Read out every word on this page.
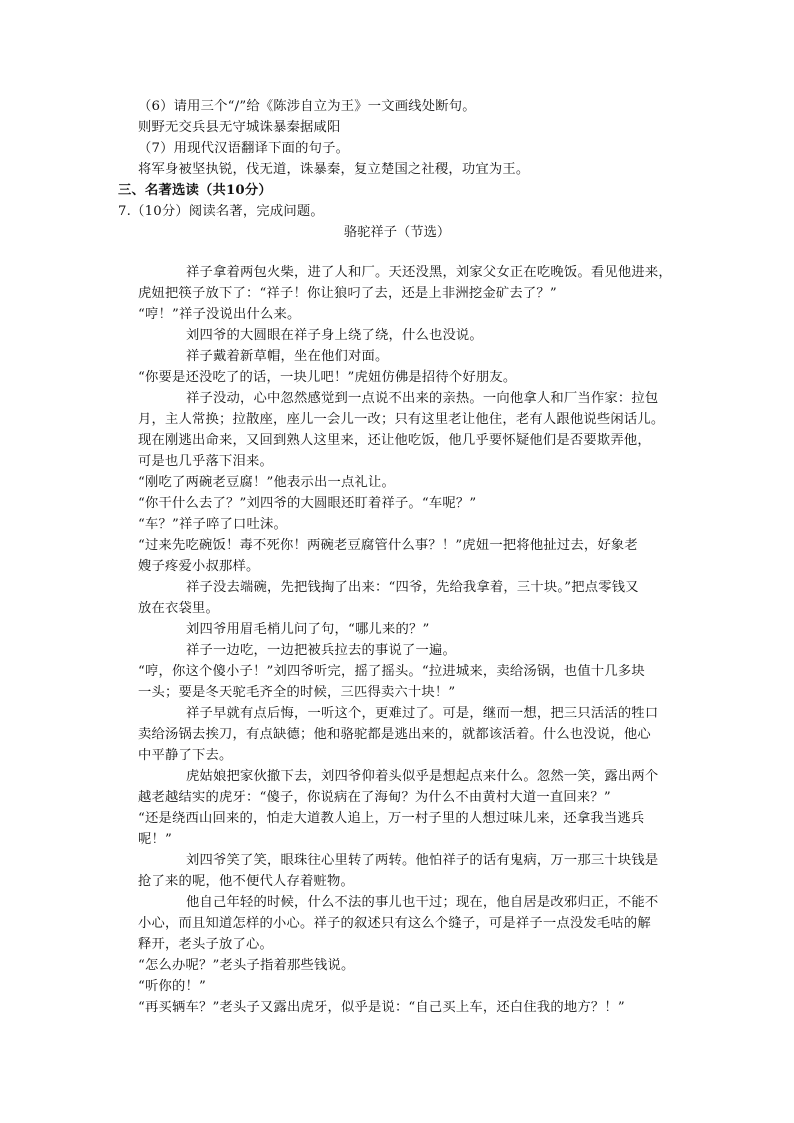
（6）请用三个“/”给《陈涉自立为王》一文画线处断句。
则野无交兵县无守城诛暴秦据咸阳
（7）用现代汉语翻译下面的句子。
将军身被坚执锐，伐无道，诛暴秦，复立楚国之社稷，功宜为王。
三、名著选读（共10分）
7.（10分）阅读名著，完成问题。
骆驼祥子（节选）
祥子拿着两包火柴，进了人和厂。天还没黑，刘家父女正在吃晚饭。看见他进来，
虎妞把筷子放下了：“祥子！你让狼叼了去，还是上非洲挖金矿去了？”
“哼！”祥子没说出什么来。
刘四爷的大圆眼在祥子身上绕了绕，什么也没说。
祥子戴着新草帽，坐在他们对面。
“你要是还没吃了的话，一块儿吧！”虎妞仿佛是招待个好朋友。
祥子没动，心中忽然感觉到一点说不出来的亲热。一向他拿人和厂当作家：拉包
月，主人常换；拉散座，座儿一会儿一改；只有这里老让他住，老有人跟他说些闲话儿。
现在刚逃出命来，又回到熟人这里来，还让他吃饭，他几乎要怀疑他们是否要欺弄他，
可是也几乎落下泪来。
“刚吃了两碗老豆腐！”他表示出一点礼让。
“你干什么去了？”刘四爷的大圆眼还盯着祥子。“车呢？”
“车？”祥子啐了口吐沫。
“过来先吃碗饭！毒不死你！两碗老豆腐管什么事？！”虎妞一把将他扯过去，好象老
嫂子疼爱小叔那样。
祥子没去端碗，先把钱掏了出来：“四爷，先给我拿着，三十块。”把点零钱又
放在衣袋里。
刘四爷用眉毛梢儿问了句，“哪儿来的？”
祥子一边吃，一边把被兵拉去的事说了一遍。
“哼，你这个傻小子！”刘四爷听完，摇了摇头。“拉进城来，卖给汤锅，也值十几多块
一头；要是冬天驼毛齐全的时候，三匹得卖六十块！”
祥子早就有点后悔，一听这个，更难过了。可是，继而一想，把三只活活的牲口
卖给汤锅去挨刀，有点缺德；他和骆驼都是逃出来的，就都该活着。什么也没说，他心
中平静了下去。
虎姑娘把家伙撤下去，刘四爷仰着头似乎是想起点来什么。忽然一笑，露出两个
越老越结实的虎牙：“傻子，你说病在了海甸？为什么不由黄村大道一直回来？”
“还是绕西山回来的，怕走大道教人追上，万一村子里的人想过味儿来，还拿我当逃兵
呢！”
刘四爷笑了笑，眼珠往心里转了两转。他怕祥子的话有鬼病，万一那三十块钱是
抢了来的呢，他不便代人存着赃物。
他自己年轻的时候，什么不法的事儿也干过；现在，他自居是改邪归正，不能不
小心，而且知道怎样的小心。祥子的叙述只有这么个缝子，可是祥子一点没发毛咕的解
释开，老头子放了心。
“怎么办呢？”老头子指着那些钱说。
“听你的！”
“再买辆车？”老头子又露出虎牙，似乎是说：“自己买上车，还白住我的地方？！”
